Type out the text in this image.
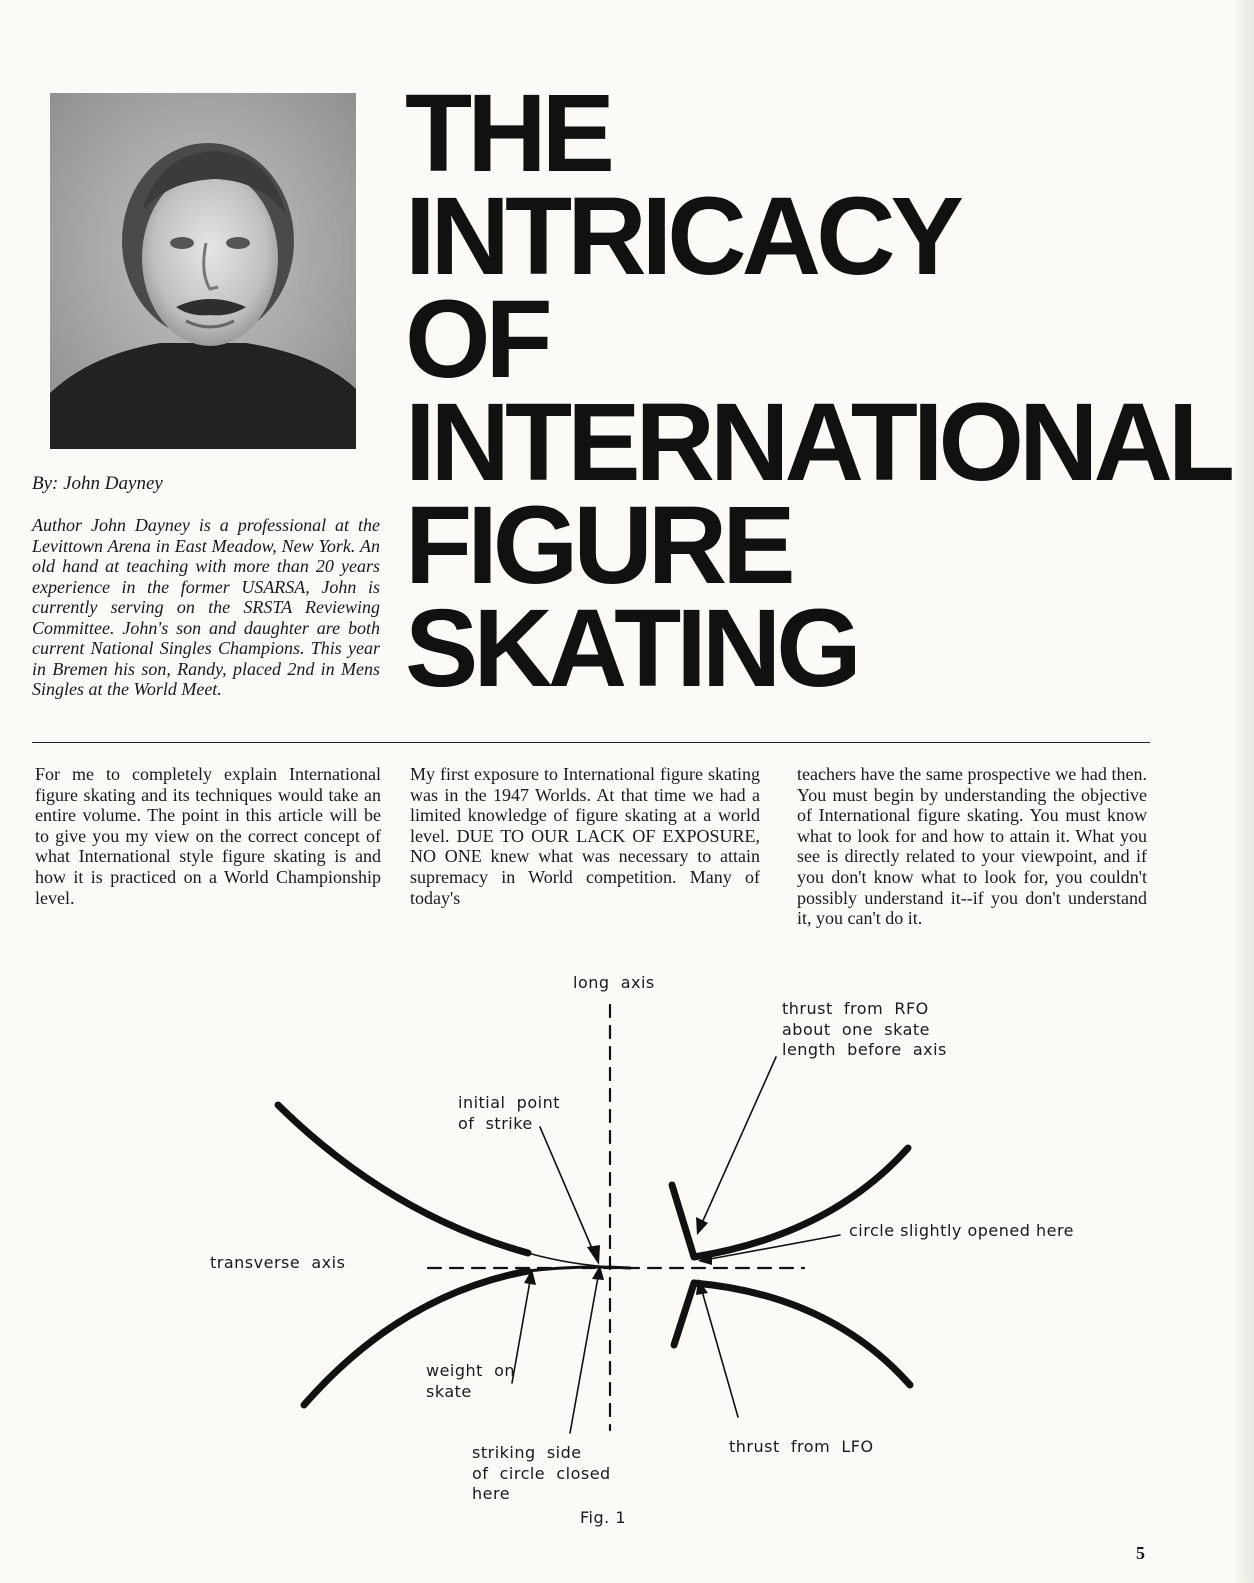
By: John Dayney
Author John Dayney is a professional at the Levittown Arena in East Meadow, New York. An old hand at teaching with more than 20 years experience in the former USARSA, John is currently serving on the SRSTA Reviewing Committee. John's son and daughter are both current National Singles Champions. This year in Bremen his son, Randy, placed 2nd in Mens Singles at the World Meet.
THE
INTRICACY
OF
INTERNATIONAL
FIGURE
SKATING
For me to completely explain International figure skating and its techniques would take an entire volume. The point in this article will be to give you my view on the correct concept of what International style figure skating is and how it is practiced on a World Championship level.
My first exposure to International figure skating was in the 1947 Worlds. At that time we had a limited knowledge of figure skating at a world level. DUE TO OUR LACK OF EXPOSURE, NO ONE knew what was necessary to attain supremacy in World competition. Many of today's
teachers have the same prospective we had then. You must begin by understanding the objective of International figure skating. You must know what to look for and how to attain it. What you see is directly related to your viewpoint, and if you don't know what to look for, you couldn't possibly understand it--if you don't understand it, you can't do it.
long  axis
thrust  from  RFO
about  one  skate
length  before  axis
initial  point
of  strike
circle slightly opened here
transverse  axis
weight  on
skate
thrust  from  LFO
striking  side
of  circle  closed
here
Fig. 1
5
